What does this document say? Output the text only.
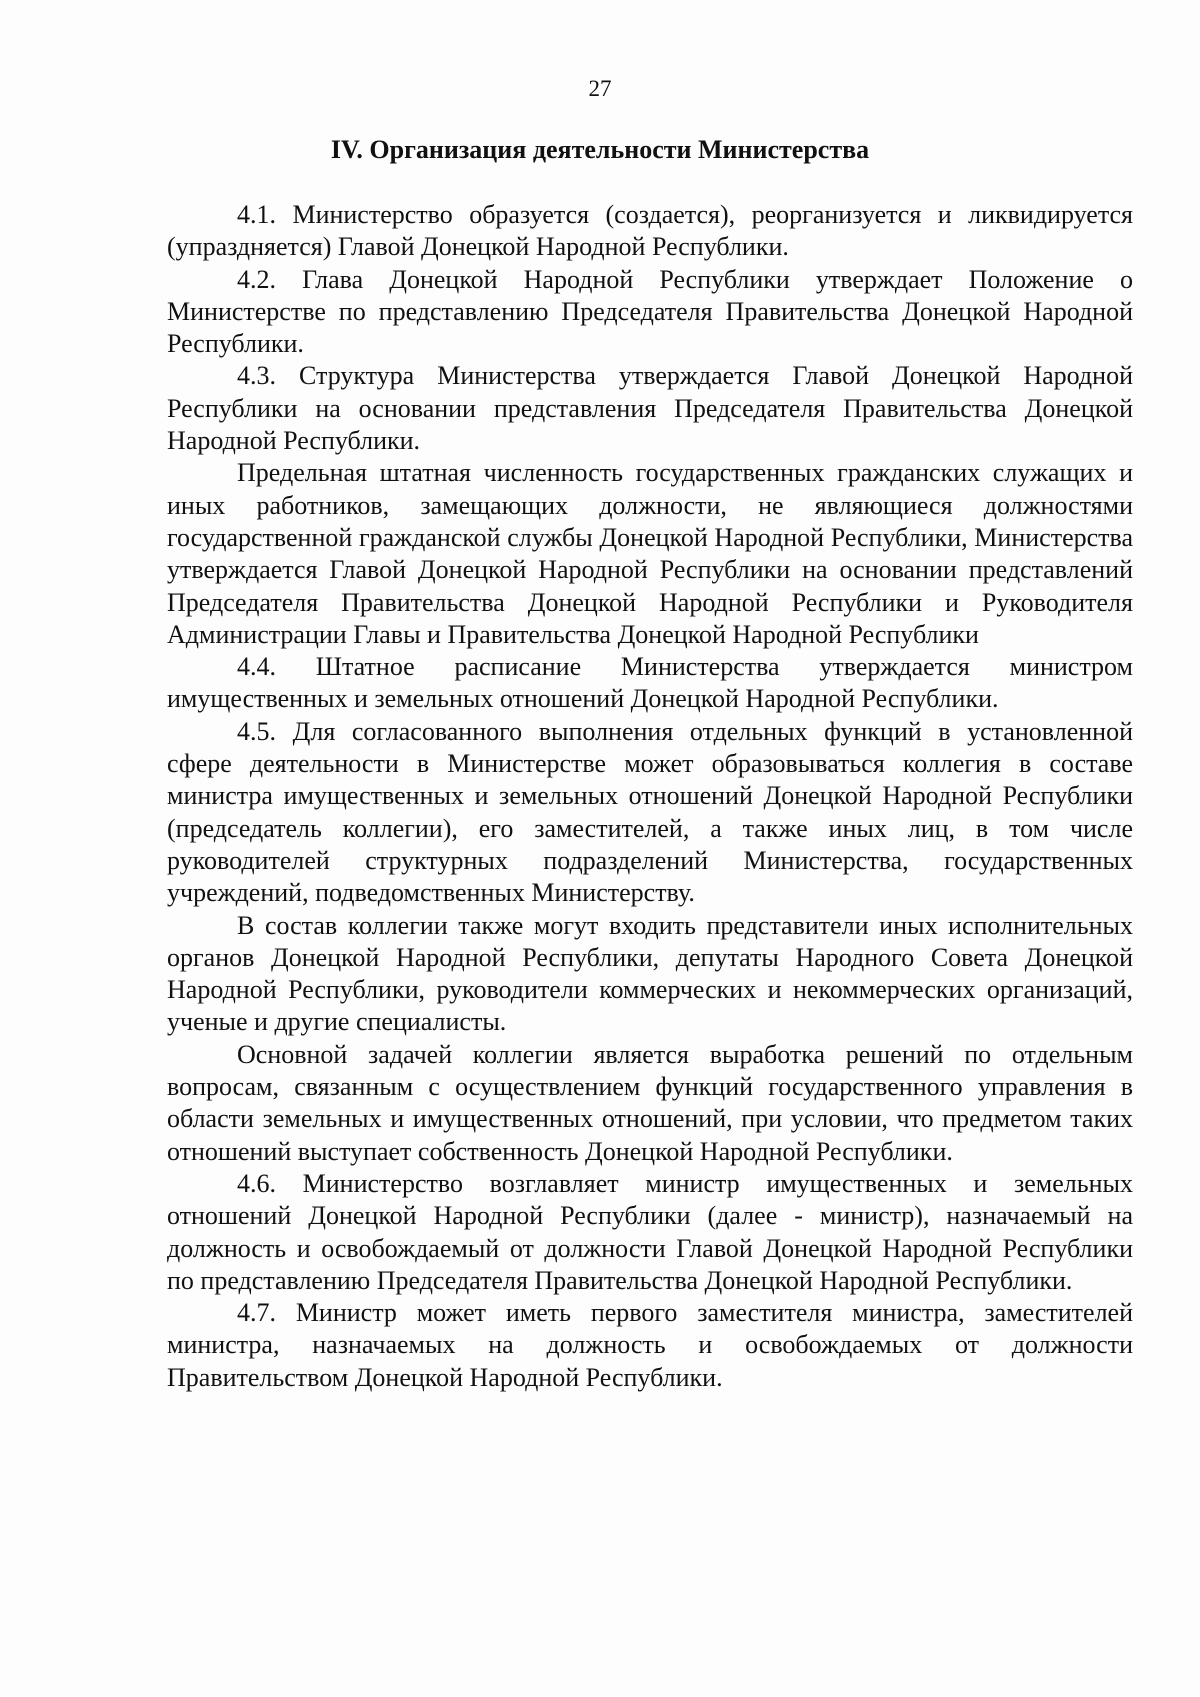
27
IV. Организация деятельности Министерства

4.1. Министерство образуется (создается), реорганизуется и ликвидируется (упраздняется) Главой Донецкой Народной Республики.

4.2. Глава Донецкой Народной Республики утверждает Положение о Министерстве по представлению Председателя Правительства Донецкой Народной Республики.

4.3. Структура Министерства утверждается Главой Донецкой Народной Республики на основании представления Председателя Правительства Донецкой Народной Республики.

Предельная штатная численность государственных гражданских служащих и иных работников, замещающих должности, не являющиеся должностями государственной гражданской службы Донецкой Народной Республики, Министерства утверждается Главой Донецкой Народной Республики на основании представлений Председателя Правительства Донецкой Народной Республики и Руководителя Администрации Главы и Правительства Донецкой Народной Республики

4.4. Штатное расписание Министерства утверждается министром имущественных и земельных отношений Донецкой Народной Республики.

4.5. Для согласованного выполнения отдельных функций в установленной сфере деятельности в Министерстве может образовываться коллегия в составе министра имущественных и земельных отношений Донецкой Народной Республики (председатель коллегии), его заместителей, а также иных лиц, в том числе руководителей структурных подразделений Министерства, государственных учреждений, подведомственных Министерству.

В состав коллегии также могут входить представители иных исполнительных органов Донецкой Народной Республики, депутаты Народного Совета Донецкой Народной Республики, руководители коммерческих и некоммерческих организаций, ученые и другие специалисты.

Основной задачей коллегии является выработка решений по отдельным вопросам, связанным с осуществлением функций государственного управления в области земельных и имущественных отношений, при условии, что предметом таких отношений выступает собственность Донецкой Народной Республики.

4.6. Министерство возглавляет министр имущественных и земельных отношений Донецкой Народной Республики (далее - министр), назначаемый на должность и освобождаемый от должности Главой Донецкой Народной Республики по представлению Председателя Правительства Донецкой Народной Республики.

4.7. Министр может иметь первого заместителя министра, заместителей министра, назначаемых на должность и освобождаемых от должности Правительством Донецкой Народной Республики.
